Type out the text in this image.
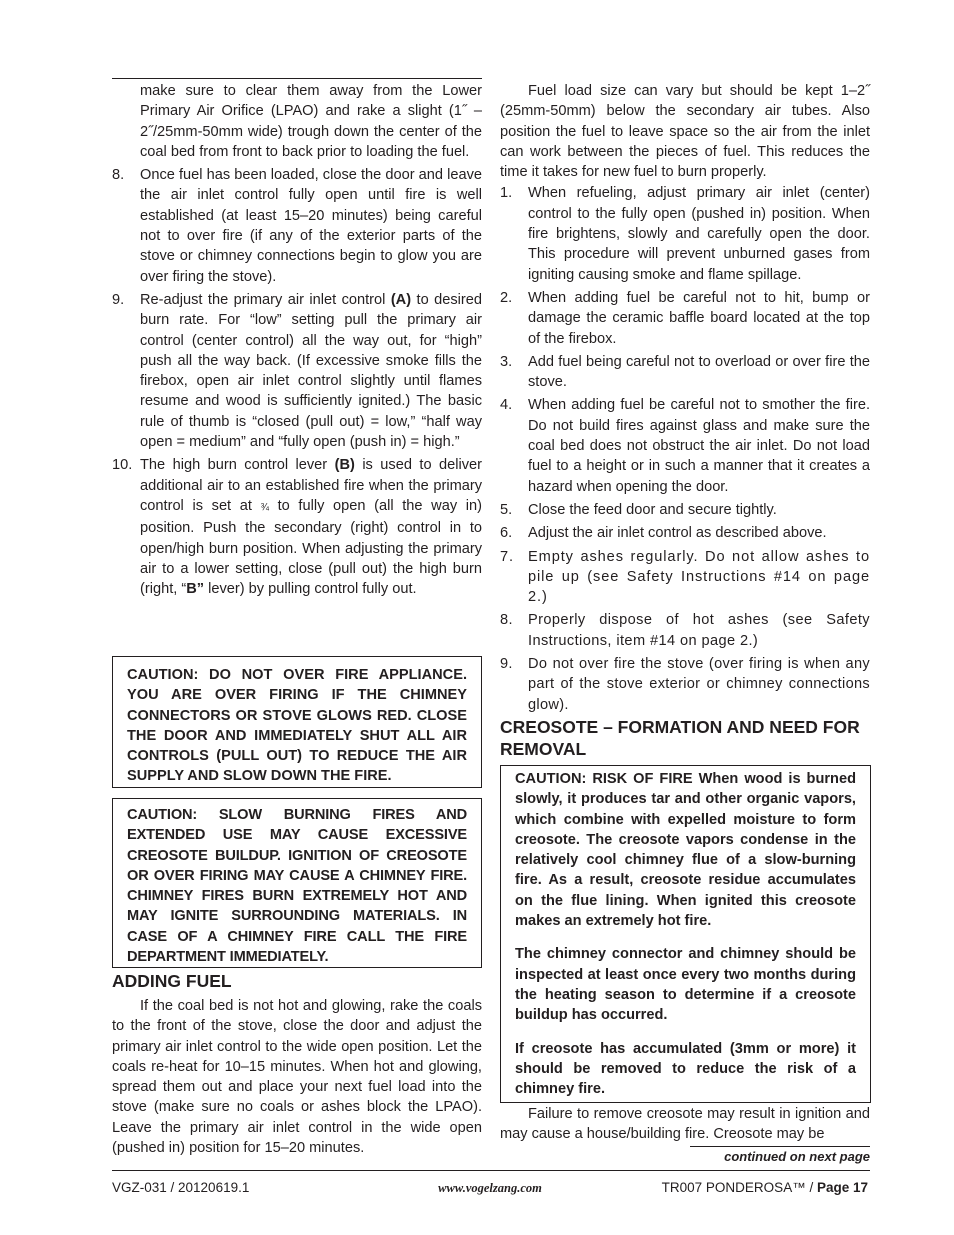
make sure to clear them away from the Lower Primary Air Orifice (LPAO) and rake a slight (1˝ – 2˝/25mm-50mm wide) trough down the center of the coal bed from front to back prior to loading the fuel.

8. Once fuel has been loaded, close the door and leave the air inlet control fully open until fire is well established (at least 15–20 minutes) being careful not to over fire (if any of the exterior parts of the stove or chimney connections begin to glow you are over firing the stove).
9. Re-adjust the primary air inlet control (A) to desired burn rate. For “low” setting pull the primary air control (center control) all the way out, for “high” push all the way back. (If excessive smoke fills the firebox, open air inlet control slightly until flames resume and wood is sufficiently ignited.) The basic rule of thumb is “closed (pull out) = low,” “half way open = medium” and “fully open (push in) = high.”
10. The high burn control lever (B) is used to deliver additional air to an established fire when the primary control is set at ¾ to fully open (all the way in) position. Push the secondary (right) control in to open/high burn position. When adjusting the primary air to a lower setting, close (pull out) the high burn (right, “B” lever) by pulling control fully out.

CAUTION: DO NOT OVER FIRE APPLIANCE. YOU ARE OVER FIRING IF THE CHIMNEY CONNECTORS OR STOVE GLOWS RED. CLOSE THE DOOR AND IMMEDIATELY SHUT ALL AIR CONTROLS (PULL OUT) TO REDUCE THE AIR SUPPLY AND SLOW DOWN THE FIRE.

CAUTION: SLOW BURNING FIRES AND EXTENDED USE MAY CAUSE EXCESSIVE CREOSOTE BUILDUP. IGNITION OF CREOSOTE OR OVER FIRING MAY CAUSE A CHIMNEY FIRE. CHIMNEY FIRES BURN EXTREMELY HOT AND MAY IGNITE SURROUNDING MATERIALS. IN CASE OF A CHIMNEY FIRE CALL THE FIRE DEPARTMENT IMMEDIATELY.

ADDING FUEL

If the coal bed is not hot and glowing, rake the coals to the front of the stove, close the door and adjust the primary air inlet control to the wide open position. Let the coals re-heat for 10–15 minutes. When hot and glowing, spread them out and place your next fuel load into the stove (make sure no coals or ashes block the LPAO). Leave the primary air inlet control in the wide open (pushed in) position for 15–20 minutes.

Fuel load size can vary but should be kept 1–2˝ (25mm-50mm) below the secondary air tubes. Also position the fuel to leave space so the air from the inlet can work between the pieces of fuel. This reduces the time it takes for new fuel to burn properly.

1. When refueling, adjust primary air inlet (center) control to the fully open (pushed in) position. When fire brightens, slowly and carefully open the door. This procedure will prevent unburned gases from igniting causing smoke and flame spillage.
2. When adding fuel be careful not to hit, bump or damage the ceramic baffle board located at the top of the firebox.
3. Add fuel being careful not to overload or over fire the stove.
4. When adding fuel be careful not to smother the fire. Do not build fires against glass and make sure the coal bed does not obstruct the air inlet. Do not load fuel to a height or in such a manner that it creates a hazard when opening the door.
5. Close the feed door and secure tightly.
6. Adjust the air inlet control as described above.
7. Empty ashes regularly. Do not allow ashes to pile up (see Safety Instructions #14 on page 2.)
8. Properly dispose of hot ashes (see Safety Instructions, item #14 on page 2.)
9. Do not over fire the stove (over firing is when any part of the stove exterior or chimney connections glow).
CREOSOTE – FORMATION AND NEED FOR REMOVAL

CAUTION: RISK OF FIRE When wood is burned slowly, it produces tar and other organic vapors, which combine with expelled moisture to form creosote. The creosote vapors condense in the relatively cool chimney flue of a slow-burning fire. As a result, creosote residue accumulates on the flue lining. When ignited this creosote makes an extremely hot fire.

The chimney connector and chimney should be inspected at least once every two months during the heating season to determine if a creosote buildup has occurred.

If creosote has accumulated (3mm or more) it should be removed to reduce the risk of a chimney fire.

Failure to remove creosote may result in ignition and may cause a house/building fire. Creosote may be

continued on next page
VGZ-031 / 20120619.1	www.vogelzang.com	TR007 PONDEROSA™ / Page 17
